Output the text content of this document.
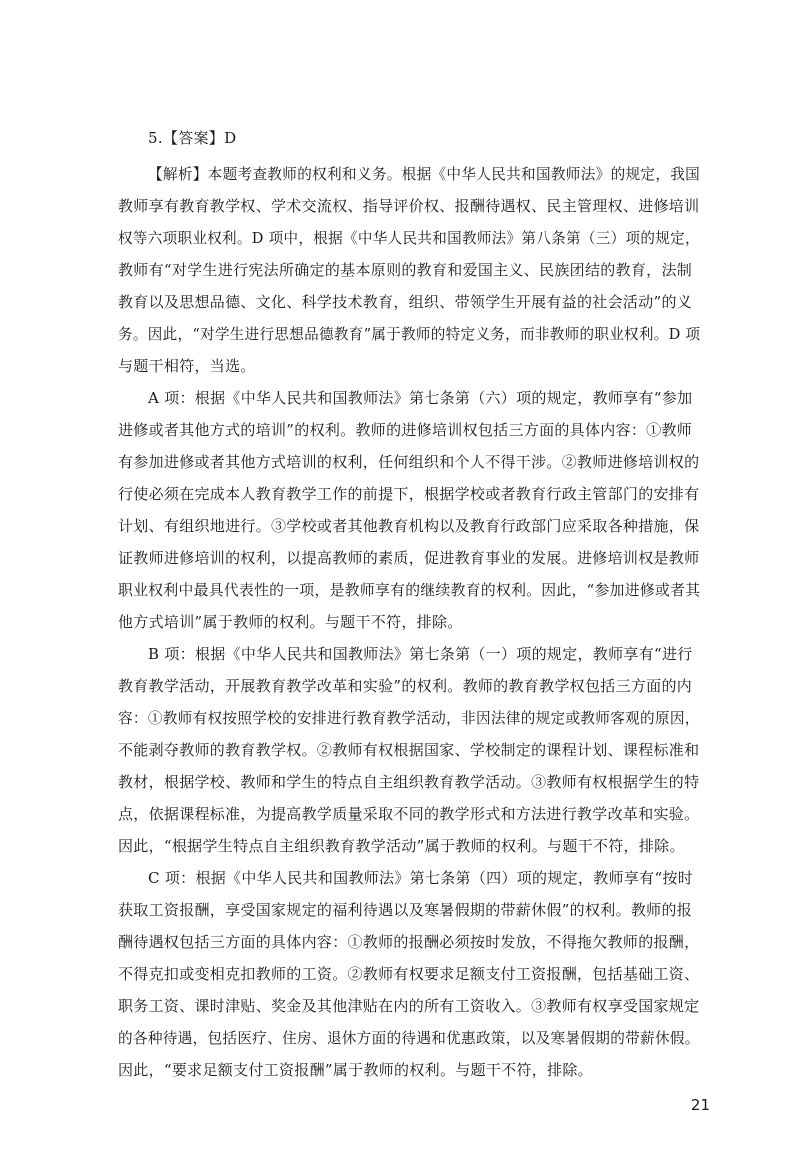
5.【答案】D
【解析】本题考查教师的权利和义务。根据《中华人民共和国教师法》的规定，我国
教师享有教育教学权、学术交流权、指导评价权、报酬待遇权、民主管理权、进修培训
权等六项职业权利。D 项中，根据《中华人民共和国教师法》第八条第（三）项的规定，
教师有“对学生进行宪法所确定的基本原则的教育和爱国主义、民族团结的教育，法制
教育以及思想品德、文化、科学技术教育，组织、带领学生开展有益的社会活动”的义
务。因此，“对学生进行思想品德教育”属于教师的特定义务，而非教师的职业权利。D 项
与题干相符，当选。
A 项：根据《中华人民共和国教师法》第七条第（六）项的规定，教师享有“参加
进修或者其他方式的培训”的权利。教师的进修培训权包括三方面的具体内容：①教师
有参加进修或者其他方式培训的权利，任何组织和个人不得干涉。②教师进修培训权的
行使必须在完成本人教育教学工作的前提下，根据学校或者教育行政主管部门的安排有
计划、有组织地进行。③学校或者其他教育机构以及教育行政部门应采取各种措施，保
证教师进修培训的权利，以提高教师的素质，促进教育事业的发展。进修培训权是教师
职业权利中最具代表性的一项，是教师享有的继续教育的权利。因此，“参加进修或者其
他方式培训”属于教师的权利。与题干不符，排除。
B 项：根据《中华人民共和国教师法》第七条第（一）项的规定，教师享有“进行
教育教学活动，开展教育教学改革和实验”的权利。教师的教育教学权包括三方面的内
容：①教师有权按照学校的安排进行教育教学活动，非因法律的规定或教师客观的原因，
不能剥夺教师的教育教学权。②教师有权根据国家、学校制定的课程计划、课程标准和
教材，根据学校、教师和学生的特点自主组织教育教学活动。③教师有权根据学生的特
点，依据课程标准，为提高教学质量采取不同的教学形式和方法进行教学改革和实验。
因此，“根据学生特点自主组织教育教学活动”属于教师的权利。与题干不符，排除。
C 项：根据《中华人民共和国教师法》第七条第（四）项的规定，教师享有“按时
获取工资报酬，享受国家规定的福利待遇以及寒暑假期的带薪休假”的权利。教师的报
酬待遇权包括三方面的具体内容：①教师的报酬必须按时发放，不得拖欠教师的报酬，
不得克扣或变相克扣教师的工资。②教师有权要求足额支付工资报酬，包括基础工资、
职务工资、课时津贴、奖金及其他津贴在内的所有工资收入。③教师有权享受国家规定
的各种待遇，包括医疗、住房、退休方面的待遇和优惠政策，以及寒暑假期的带薪休假。
因此，“要求足额支付工资报酬”属于教师的权利。与题干不符，排除。
21
